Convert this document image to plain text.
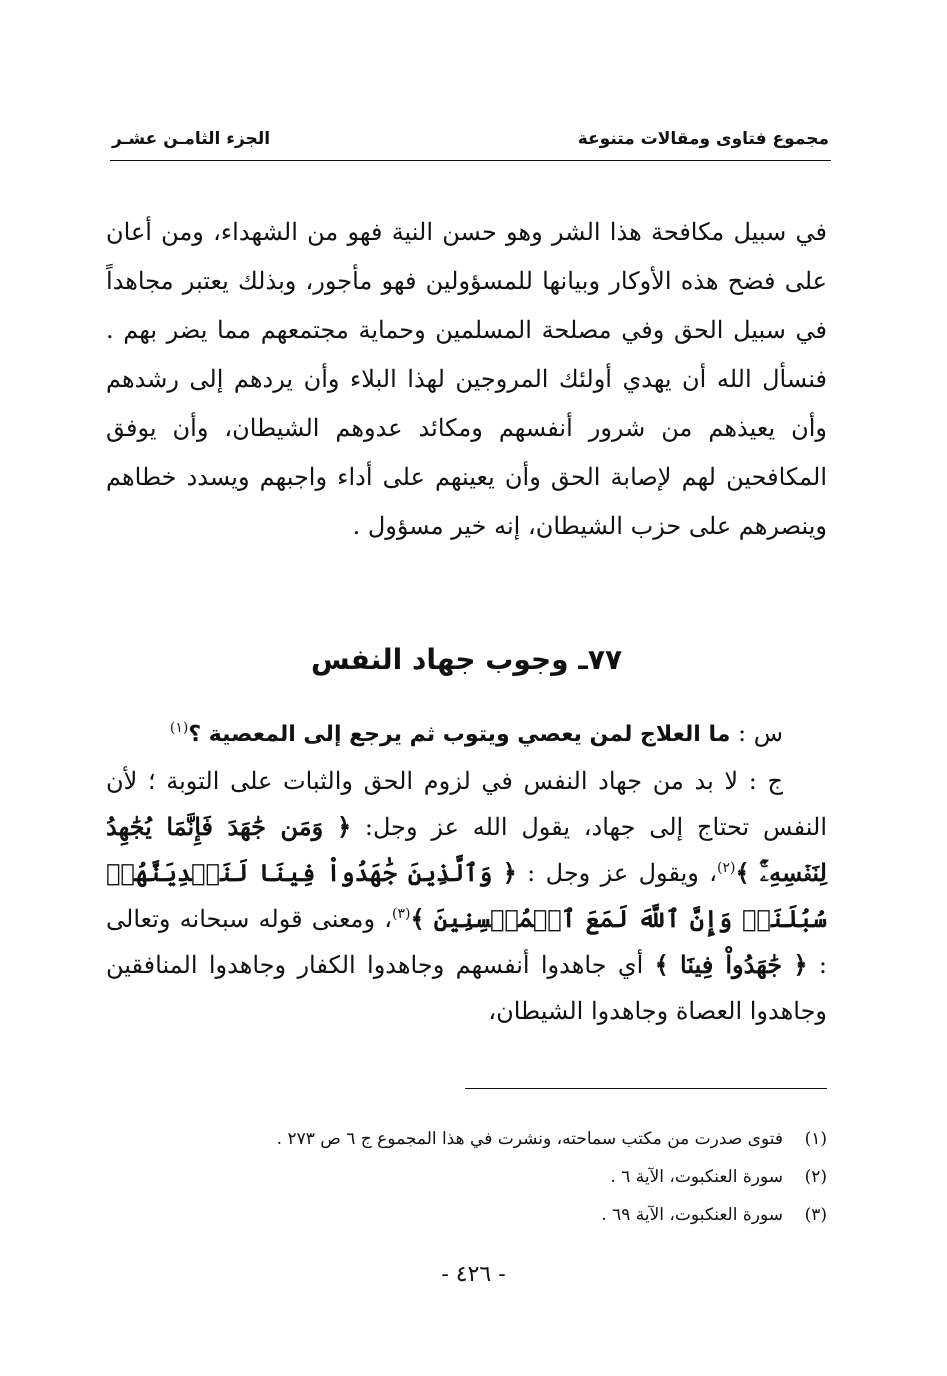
مجموع فتاوى ومقالات متنوعة
الجزء الثامـن عشـر

في سبيل مكافحة هذا الشر وهو حسن النية فهو من الشهداء، ومن أعان على فضح هذه الأوكار وبيانها للمسؤولين فهو مأجور، وبذلك يعتبر مجاهداً في سبيل الحق وفي مصلحة المسلمين وحماية مجتمعهم مما يضر بهم . فنسأل الله أن يهدي أولئك المروجين لهذا البلاء وأن يردهم إلى رشدهم وأن يعيذهم من شرور أنفسهم ومكائد عدوهم الشيطان، وأن يوفق المكافحين لهم لإصابة الحق وأن يعينهم على أداء واجبهم ويسدد خطاهم وينصرهم على حزب الشيطان، إنه خير مسؤول .

٧٧ـ وجوب جهاد النفس

س : ما العلاج لمن يعصي ويتوب ثم يرجع إلى المعصية ؟$^{(١)}$

ج : لا بد من جهاد النفس في لزوم الحق والثبات على التوبة ؛ لأن النفس تحتاج إلى جهاد، يقول الله عز وجل: ﴿ وَمَن جَٰهَدَ فَإِنَّمَا يُجَٰهِدُ لِنَفۡسِهِۦٓۚ ﴾$^{(٢)}$، ويقول عز وجل : ﴿ وَٱلَّذِينَ جَٰهَدُواْ فِينَا لَنَهۡدِيَنَّهُمۡ سُبُلَنَاۚ وَإِنَّ ٱللَّهَ لَمَعَ ٱلۡمُحۡسِنِينَ ﴾$^{(٣)}$، ومعنى قوله سبحانه وتعالى : ﴿ جَٰهَدُواْ فِينَا ﴾ أي جاهدوا أنفسهم وجاهدوا الكفار وجاهدوا المنافقين وجاهدوا العصاة وجاهدوا الشيطان،

(١)
فتوى صدرت من مكتب سماحته، ونشرت في هذا المجموع ج ٦ ص ٢٧٣ .

(٢)
سورة العنكبوت، الآية ٦ .

(٣)
سورة العنكبوت، الآية ٦٩ .

- ٤٢٦ -
